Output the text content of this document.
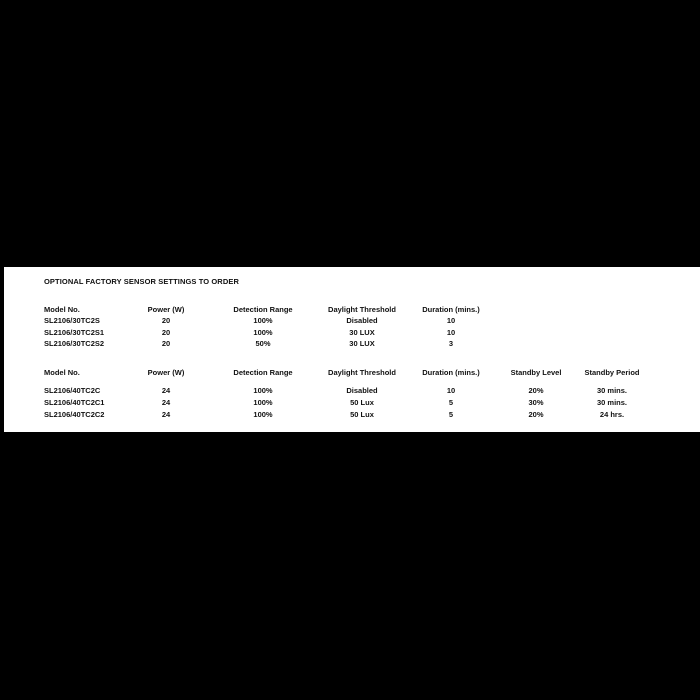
OPTIONAL FACTORY SENSOR SETTINGS TO ORDER
Model No.	Power (W)	Detection Range	Daylight Threshold	Duration (mins.)
SL2106/30TC2S	20	100%	Disabled	10
SL2106/30TC2S1	20	100%	30 LUX	10
SL2106/30TC2S2	20	50%	30 LUX	3
Model No.	Power (W)	Detection Range	Daylight Threshold	Duration (mins.)	Standby Level	Standby Period
SL2106/40TC2C	24	100%	Disabled	10	20%	30 mins.
SL2106/40TC2C1	24	100%	50 Lux	5	30%	30 mins.
SL2106/40TC2C2	24	100%	50 Lux	5	20%	24 hrs.
